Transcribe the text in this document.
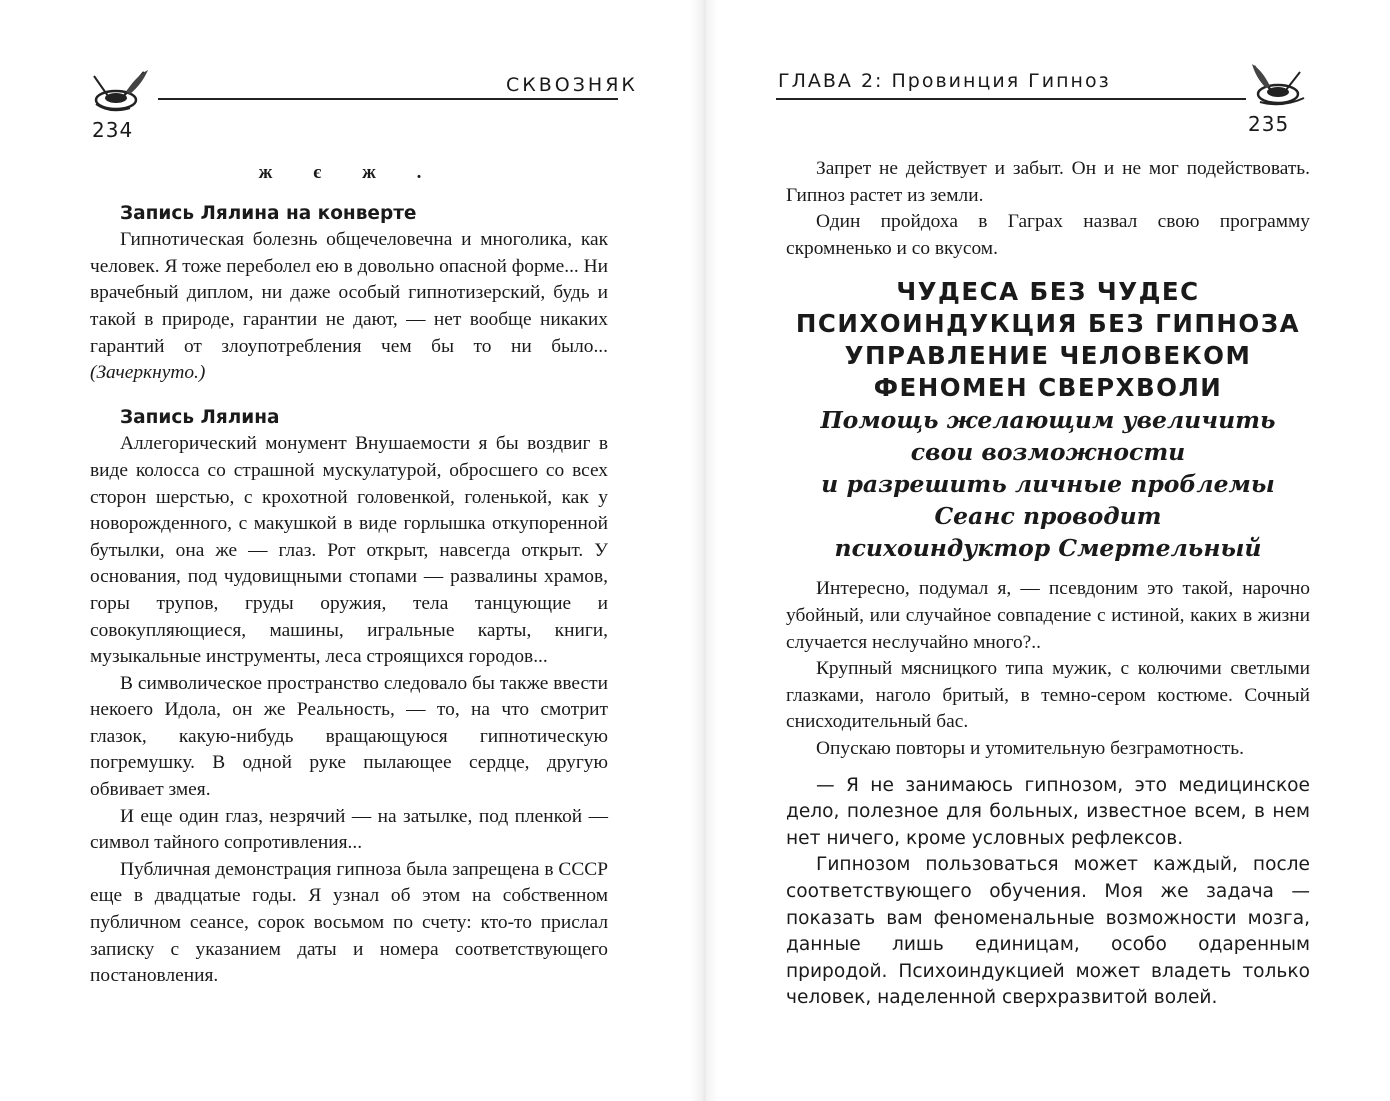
СКВОЗНЯК
234

ж є ж .

Запись Лялина на конверте

Гипнотическая болезнь общечеловечна и многолика, как человек. Я тоже переболел ею в довольно опасной форме... Ни врачебный диплом, ни даже особый гипнотизерский, будь и такой в природе, гарантии не дают, — нет вообще никаких гарантий от злоупотребления чем бы то ни было... (Зачеркнуто.)

Запись Лялина

Аллегорический монумент Внушаемости я бы воздвиг в виде колосса со страшной мускулатурой, обросшего со всех сторон шерстью, с крохотной головенкой, голенькой, как у новорожденного, с макушкой в виде горлышка откупоренной бутылки, она же — глаз. Рот открыт, навсегда открыт. У основания, под чудовищными стопами — развалины храмов, горы трупов, груды оружия, тела танцующие и совокупляющиеся, машины, игральные карты, книги, музыкальные инструменты, леса строящихся городов...

В символическое пространство следовало бы также ввести некоего Идола, он же Реальность, — то, на что смотрит глазок, какую-нибудь вращающуюся гипнотическую погремушку. В одной руке пылающее сердце, другую обвивает змея.

И еще один глаз, незрячий — на затылке, под пленкой — символ тайного сопротивления...

Публичная демонстрация гипноза была запрещена в СССР еще в двадцатые годы. Я узнал об этом на собственном публичном сеансе, сорок восьмом по счету: кто-то прислал записку с указанием даты и номера соответствующего постановления.

ГЛАВА 2: Провинция Гипноз
235

Запрет не действует и забыт. Он и не мог подействовать. Гипноз растет из земли.

Один пройдоха в Гаграх назвал свою программу скромненько и со вкусом.

ЧУДЕСА БЕЗ ЧУДЕС
ПСИХОИНДУКЦИЯ БЕЗ ГИПНОЗА
УПРАВЛЕНИЕ ЧЕЛОВЕКОМ
ФЕНОМЕН СВЕРХВОЛИ
Помощь желающим увеличить
свои возможности
и разрешить личные проблемы
Сеанс проводит
психоиндуктор Смертельный

Интересно, подумал я, — псевдоним это такой, нарочно убойный, или случайное совпадение с истиной, каких в жизни случается неслучайно много?..

Крупный мясницкого типа мужик, с колючими светлыми глазками, наголо бритый, в темно-сером костюме. Сочный снисходительный бас.

Опускаю повторы и утомительную безграмотность.

— Я не занимаюсь гипнозом, это медицинское дело, полезное для больных, известное всем, в нем нет ничего, кроме условных рефлексов.

Гипнозом пользоваться может каждый, после соответствующего обучения. Моя же задача — показать вам феноменальные возможности мозга, данные лишь единицам, особо одаренным природой. Психоиндукцией может владеть только человек, наделенной сверхразвитой волей.
